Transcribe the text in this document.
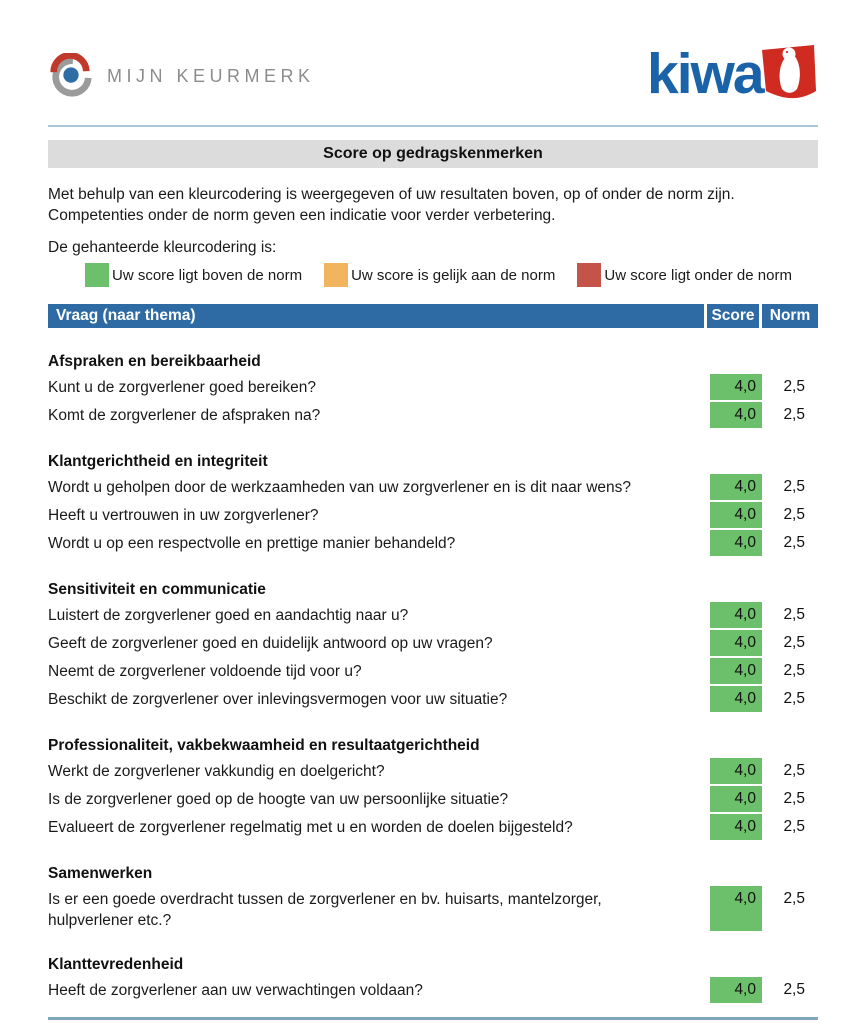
MIJN KEURMERK	kiwa
Score op gedragskenmerken

Met behulp van een kleurcodering is weergegeven of uw resultaten boven, op of onder de norm zijn.
Competenties onder de norm geven een indicatie voor verder verbetering.

De gehanteerde kleurcodering is:

Uw score ligt boven de norm	Uw score is gelijk aan de norm	Uw score ligt onder de norm
Vraag (naar thema)	Score Norm
Afspraken en bereikbaarheid
Kunt u de zorgverlener goed bereiken?	4,0	2,5
Komt de zorgverlener de afspraken na?	4,0	2,5
Klantgerichtheid en integriteit
Wordt u geholpen door de werkzaamheden van uw zorgverlener en is dit naar wens?	4,0	2,5
Heeft u vertrouwen in uw zorgverlener?	4,0	2,5
Wordt u op een respectvolle en prettige manier behandeld?	4,0	2,5
Sensitiviteit en communicatie
Luistert de zorgverlener goed en aandachtig naar u?	4,0	2,5
Geeft de zorgverlener goed en duidelijk antwoord op uw vragen?	4,0	2,5
Neemt de zorgverlener voldoende tijd voor u?	4,0	2,5
Beschikt de zorgverlener over inlevingsvermogen voor uw situatie?	4,0	2,5
Professionaliteit, vakbekwaamheid en resultaatgerichtheid
Werkt de zorgverlener vakkundig en doelgericht?	4,0	2,5
Is de zorgverlener goed op de hoogte van uw persoonlijke situatie?	4,0	2,5
Evalueert de zorgverlener regelmatig met u en worden de doelen bijgesteld?	4,0	2,5
Samenwerken
Is er een goede overdracht tussen de zorgverlener en bv. huisarts, mantelzorger, hulpverlener etc.?
4,0	2,5
Klanttevredenheid
Heeft de zorgverlener aan uw verwachtingen voldaan?	4,0	2,5
